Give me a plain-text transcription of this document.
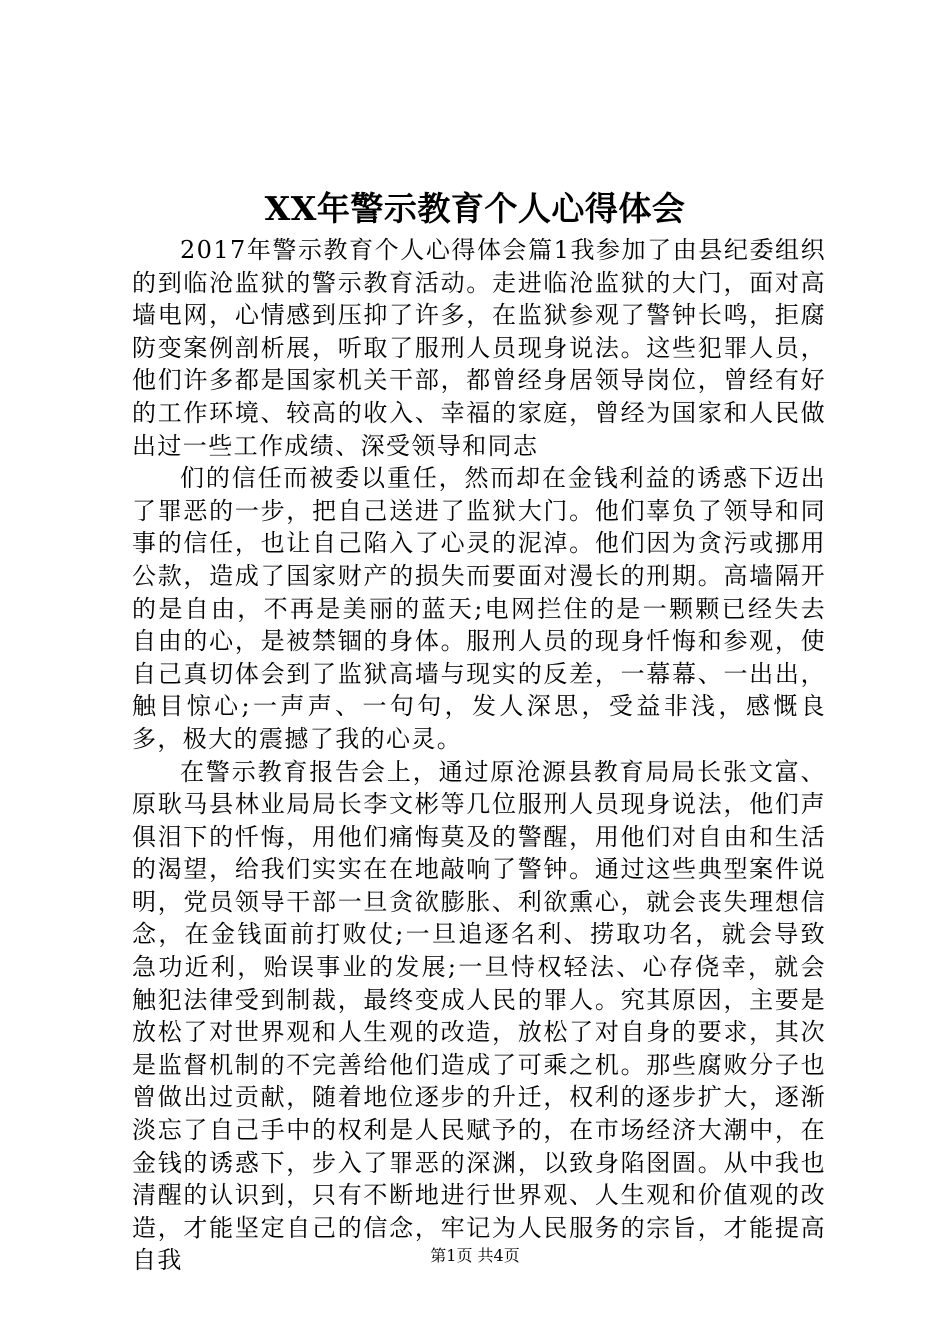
XX年警示教育个人心得体会

2017年警示教育个人心得体会篇1我参加了由县纪委组织的到临沧监狱的警示教育活动。走进临沧监狱的大门，面对高墙电网，心情感到压抑了许多，在监狱参观了警钟长鸣，拒腐防变案例剖析展，听取了服刑人员现身说法。这些犯罪人员，他们许多都是国家机关干部，都曾经身居领导岗位，曾经有好的工作环境、较高的收入、幸福的家庭，曾经为国家和人民做出过一些工作成绩、深受领导和同志

们的信任而被委以重任，然而却在金钱利益的诱惑下迈出了罪恶的一步，把自己送进了监狱大门。他们辜负了领导和同事的信任，也让自己陷入了心灵的泥淖。他们因为贪污或挪用公款，造成了国家财产的损失而要面对漫长的刑期。高墙隔开的是自由，不再是美丽的蓝天;电网拦住的是一颗颗已经失去自由的心，是被禁锢的身体。服刑人员的现身忏悔和参观，使自己真切体会到了监狱高墙与现实的反差，一幕幕、一出出，触目惊心;一声声、一句句，发人深思，受益非浅，感慨良多，极大的震撼了我的心灵。

在警示教育报告会上，通过原沧源县教育局局长张文富、原耿马县林业局局长李文彬等几位服刑人员现身说法，他们声俱泪下的忏悔，用他们痛悔莫及的警醒，用他们对自由和生活的渴望，给我们实实在在地敲响了警钟。通过这些典型案件说明，党员领导干部一旦贪欲膨胀、利欲熏心，就会丧失理想信念，在金钱面前打败仗;一旦追逐名利、捞取功名，就会导致急功近利，贻误事业的发展;一旦恃权轻法、心存侥幸，就会触犯法律受到制裁，最终变成人民的罪人。究其原因，主要是放松了对世界观和人生观的改造，放松了对自身的要求，其次是监督机制的不完善给他们造成了可乘之机。那些腐败分子也曾做出过贡献，随着地位逐步的升迁，权利的逐步扩大，逐渐淡忘了自己手中的权利是人民赋予的，在市场经济大潮中，在金钱的诱惑下，步入了罪恶的深渊，以致身陷囹圄。从中我也清醒的认识到，只有不断地进行世界观、人生观和价值观的改造，才能坚定自己的信念，牢记为人民服务的宗旨，才能提高自我	第1页 共4页
